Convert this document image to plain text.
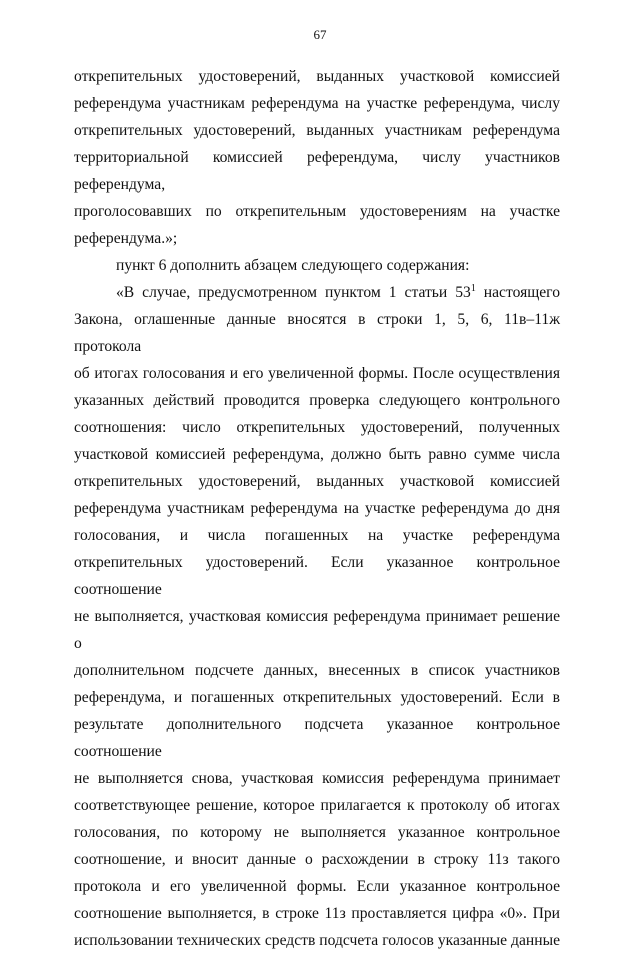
67

открепительных удостоверений, выданных участковой комиссией

референдума участникам референдума на участке референдума, числу

открепительных удостоверений, выданных участникам референдума

территориальной комиссией референдума, числу участников референдума,

проголосовавших по открепительным удостоверениям на участке

референдума.»;

пункт 6 дополнить абзацем следующего содержания:

«В случае, предусмотренном пунктом 1 статьи $53^1$ настоящего

Закона, оглашенные данные вносятся в строки 1, 5, 6, 11в–11ж протокола

об итогах голосования и его увеличенной формы. После осуществления

указанных действий проводится проверка следующего контрольного

соотношения: число открепительных удостоверений, полученных

участковой комиссией референдума, должно быть равно сумме числа

открепительных удостоверений, выданных участковой комиссией

референдума участникам референдума на участке референдума до дня

голосования, и числа погашенных на участке референдума

открепительных удостоверений. Если указанное контрольное соотношение

не выполняется, участковая комиссия референдума принимает решение о

дополнительном подсчете данных, внесенных в список участников

референдума, и погашенных открепительных удостоверений. Если в

результате дополнительного подсчета указанное контрольное соотношение

не выполняется снова, участковая комиссия референдума принимает

соответствующее решение, которое прилагается к протоколу об итогах

голосования, по которому не выполняется указанное контрольное

соотношение, и вносит данные о расхождении в строку 11з такого

протокола и его увеличенной формы. Если указанное контрольное

соотношение выполняется, в строке 11з проставляется цифра «0». При

использовании технических средств подсчета голосов указанные данные
